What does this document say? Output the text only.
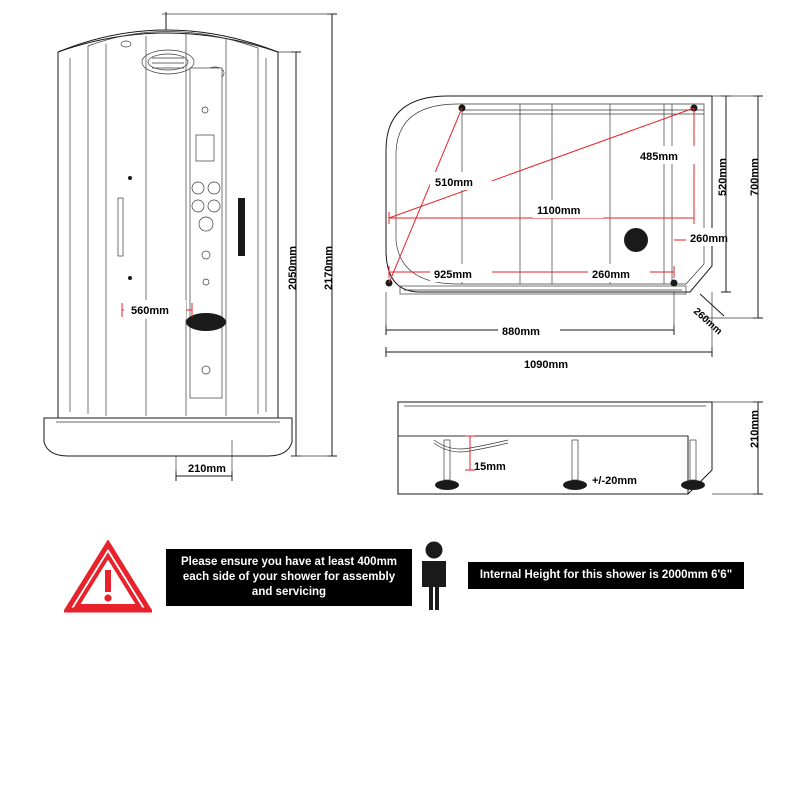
560mm
2050mm 2170mm
210mm
510mm
1100mm
485mm
925mm	260mm
260mm
520mm 700mm
260mm
880mm
1090mm
15mm
+/-20mm
210mm
Please ensure you have at least 400mm each side of your shower for assembly and servicing
Internal Height for this shower is 2000mm 6'6"
